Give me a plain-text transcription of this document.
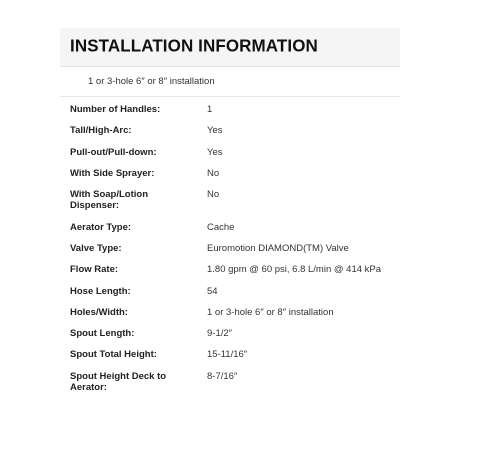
INSTALLATION INFORMATION
1 or 3-hole 6″ or 8″ installation
Number of Handles:	1
Tall/High-Arc:	Yes
Pull-out/Pull-down:	Yes
With Side Sprayer:	No
With Soap/Lotion Dispenser:
No
Aerator Type:	Cache
Valve Type:	Euromotion DIAMOND(TM) Valve
Flow Rate:	1.80 gpm @ 60 psi, 6.8 L/min @ 414 kPa
Hose Length:	54
Holes/Width:	1 or 3-hole 6″ or 8″ installation
Spout Length:	9-1/2″
Spout Total Height:	15-11/16″
Spout Height Deck to Aerator:
8-7/16″
